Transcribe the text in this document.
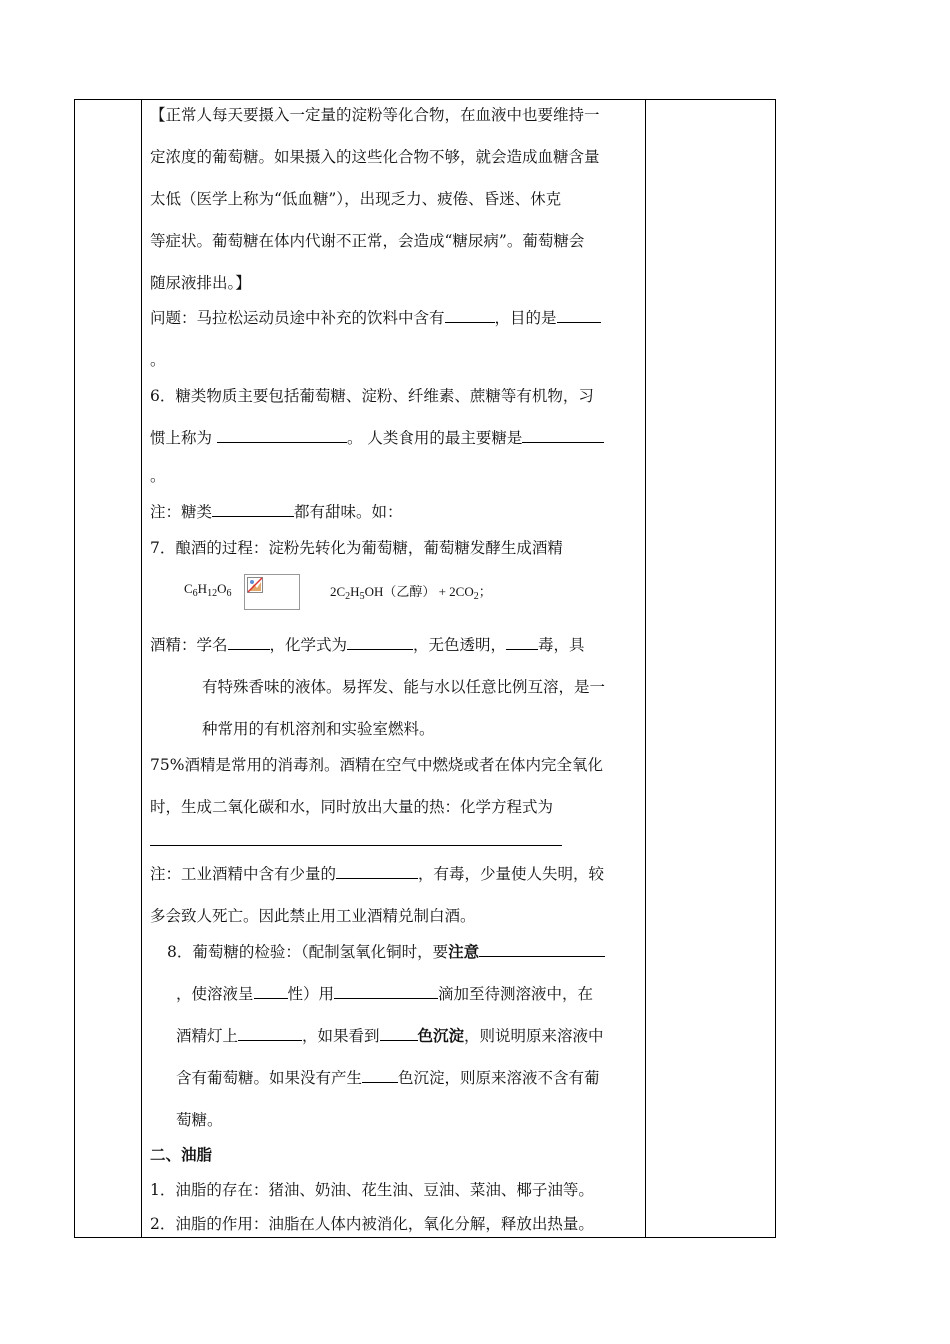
【正常人每天要摄入一定量的淀粉等化合物，在血液中也要维持一
定浓度的葡萄糖。如果摄入的这些化合物不够，就会造成血糖含量
太低（医学上称为“低血糖”），出现乏力、疲倦、昏迷、休克
等症状。葡萄糖在体内代谢不正常，会造成“糖尿病”。葡萄糖会
随尿液排出。】
问题：马拉松运动员途中补充的饮料中含有	，目的是
。
6．糖类物质主要包括葡萄糖、淀粉、纤维素、蔗糖等有机物，习
惯上称为	。 人类食用的最主要糖是
。
注：糖类	都有甜味。如：
7．酿酒的过程：淀粉先转化为葡萄糖，葡萄糖发酵生成酒精
$C_6H_{12}O_6$	$2C_2H_5OH$（乙醇） + $2CO_2$；
酒精：学名	，化学式为	，无色透明， 毒，具
有特殊香味的液体。易挥发、能与水以任意比例互溶，是一
种常用的有机溶剂和实验室燃料。
75%酒精是常用的消毒剂。酒精在空气中燃烧或者在体内完全氧化
时，生成二氧化碳和水，同时放出大量的热：化学方程式为
注：工业酒精中含有少量的	，有毒，少量使人失明，较
多会致人死亡。因此禁止用工业酒精兑制白酒。
8．葡萄糖的检验：（配制氢氧化铜时，要注意
，使溶液呈 性）用	滴加至待测溶液中，在
酒精灯上	，如果看到 色沉淀，则说明原来溶液中
含有葡萄糖。如果没有产生 色沉淀，则原来溶液不含有葡
萄糖。
二、油脂
1．油脂的存在：猪油、奶油、花生油、豆油、菜油、椰子油等。
2．油脂的作用：油脂在人体内被消化，氧化分解，释放出热量。
